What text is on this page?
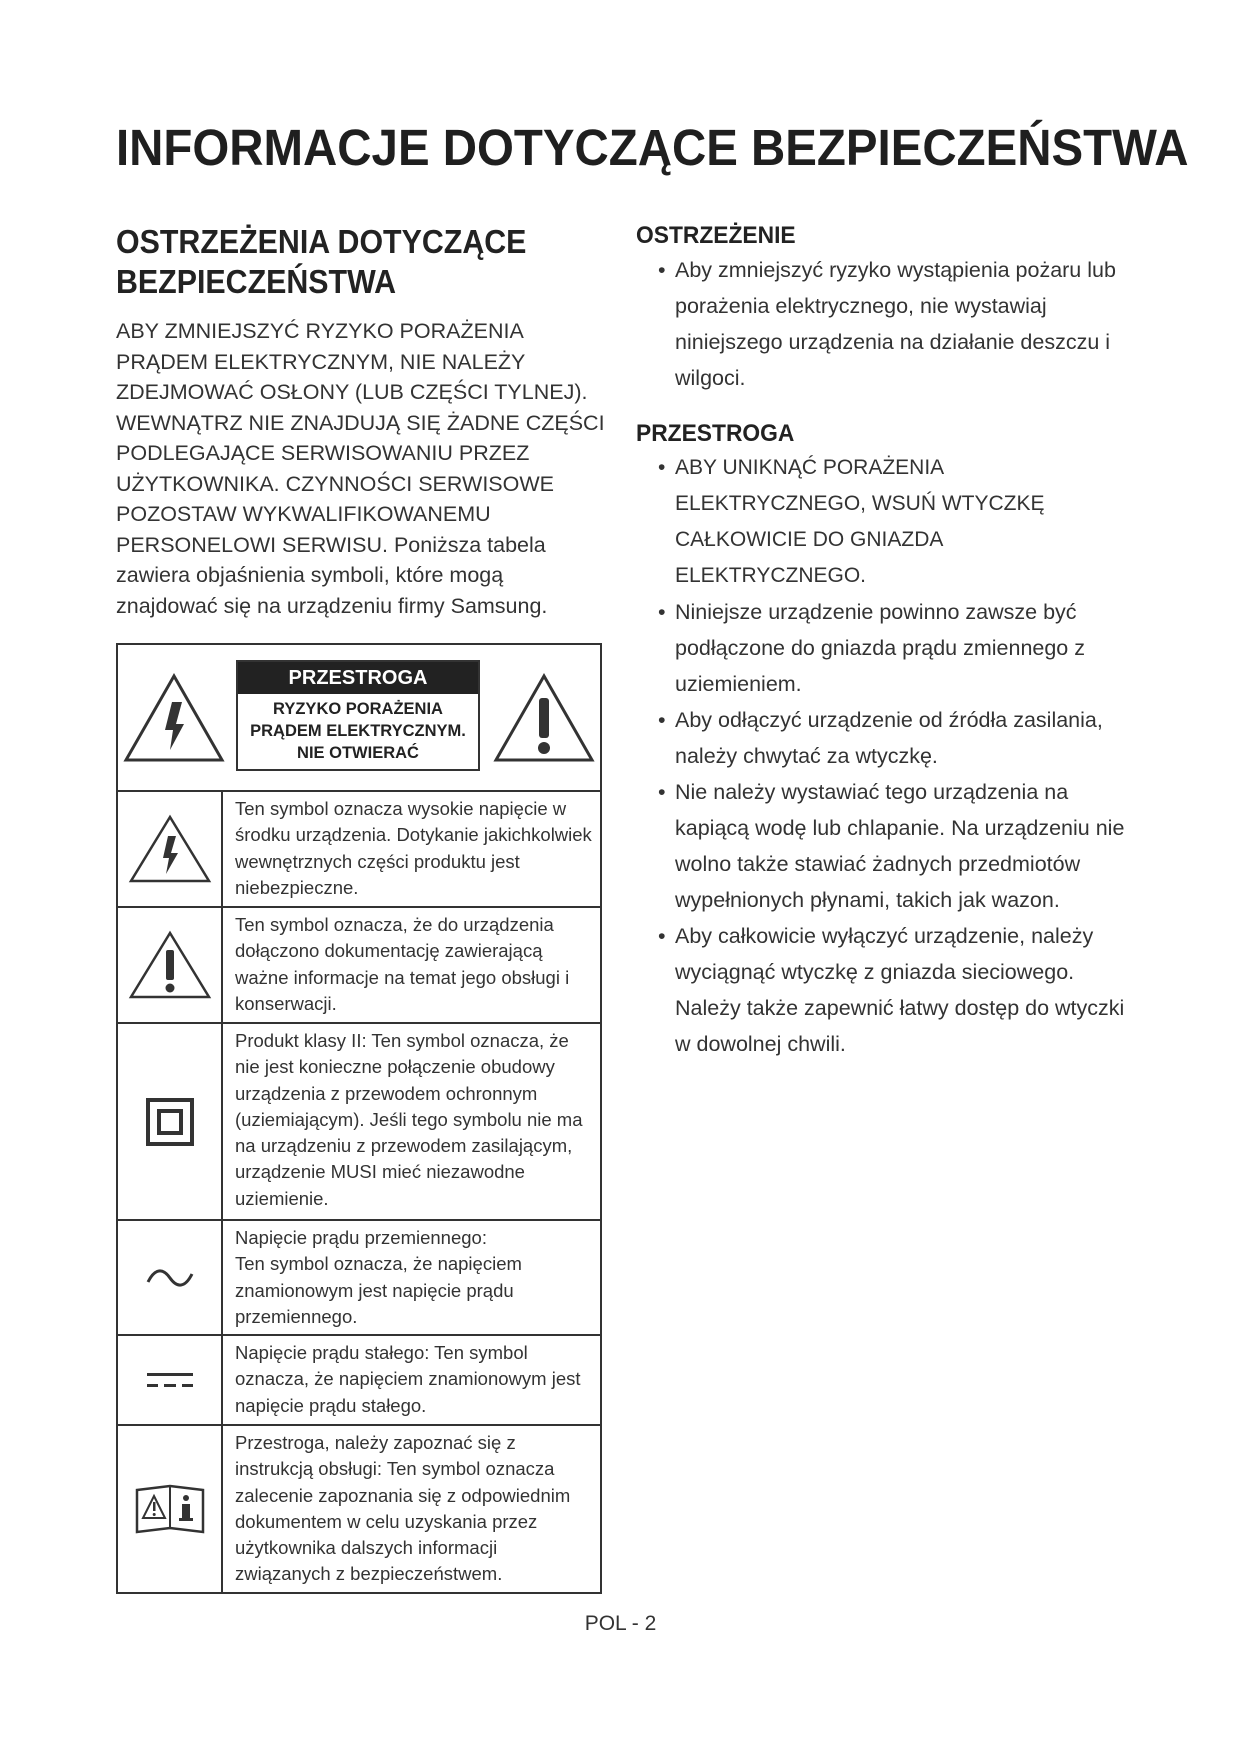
INFORMACJE DOTYCZĄCE BEZPIECZEŃSTWA
OSTRZEŻENIA DOTYCZĄCE BEZPIECZEŃSTWA

ABY ZMNIEJSZYĆ RYZYKO PORAŻENIA PRĄDEM ELEKTRYCZNYM, NIE NALEŻY ZDEJMOWAĆ OSŁONY (LUB CZĘŚCI TYLNEJ). WEWNĄTRZ NIE ZNAJDUJĄ SIĘ ŻADNE CZĘŚCI PODLEGAJĄCE SERWISOWANIU PRZEZ UŻYTKOWNIKA. CZYNNOŚCI SERWISOWE POZOSTAW WYKWALIFIKOWANEMU PERSONELOWI SERWISU. Poniższa tabela zawiera objaśnienia symboli, które mogą znajdować się na urządzeniu firmy Samsung.

PRZESTROGA
RYZYKO PORAŻENIA
PRĄDEM ELEKTRYCZNYM.
NIE OTWIERAĆ
Ten symbol oznacza wysokie napięcie w środku urządzenia. Dotykanie jakichkolwiek wewnętrznych części produktu jest niebezpieczne.
Ten symbol oznacza, że do urządzenia dołączono dokumentację zawierającą ważne informacje na temat jego obsługi i konserwacji.
Produkt klasy II: Ten symbol oznacza, że nie jest konieczne połączenie obudowy urządzenia z przewodem ochronnym (uziemiającym). Jeśli tego symbolu nie ma na urządzeniu z przewodem zasilającym, urządzenie MUSI mieć niezawodne uziemienie.
Napięcie prądu przemiennego:
Ten symbol oznacza, że napięciem znamionowym jest napięcie prądu przemiennego.
Napięcie prądu stałego: Ten symbol oznacza, że napięciem znamionowym jest napięcie prądu stałego.
Przestroga, należy zapoznać się z instrukcją obsługi: Ten symbol oznacza zalecenie zapoznania się z odpowiednim dokumentem w celu uzyskania przez użytkownika dalszych informacji związanych z bezpieczeństwem.
OSTRZEŻENIE
• Aby zmniejszyć ryzyko wystąpienia pożaru lub porażenia elektrycznego, nie wystawiaj niniejszego urządzenia na działanie deszczu i wilgoci.
PRZESTROGA
• ABY UNIKNĄĆ PORAŻENIA ELEKTRYCZNEGO, WSUŃ WTYCZKĘ CAŁKOWICIE DO GNIAZDA ELEKTRYCZNEGO.
• Niniejsze urządzenie powinno zawsze być podłączone do gniazda prądu zmiennego z uziemieniem.
• Aby odłączyć urządzenie od źródła zasilania, należy chwytać za wtyczkę.
• Nie należy wystawiać tego urządzenia na kapiącą wodę lub chlapanie. Na urządzeniu nie wolno także stawiać żadnych przedmiotów wypełnionych płynami, takich jak wazon.
• Aby całkowicie wyłączyć urządzenie, należy wyciągnąć wtyczkę z gniazda sieciowego. Należy także zapewnić łatwy dostęp do wtyczki w dowolnej chwili.
POL - 2
